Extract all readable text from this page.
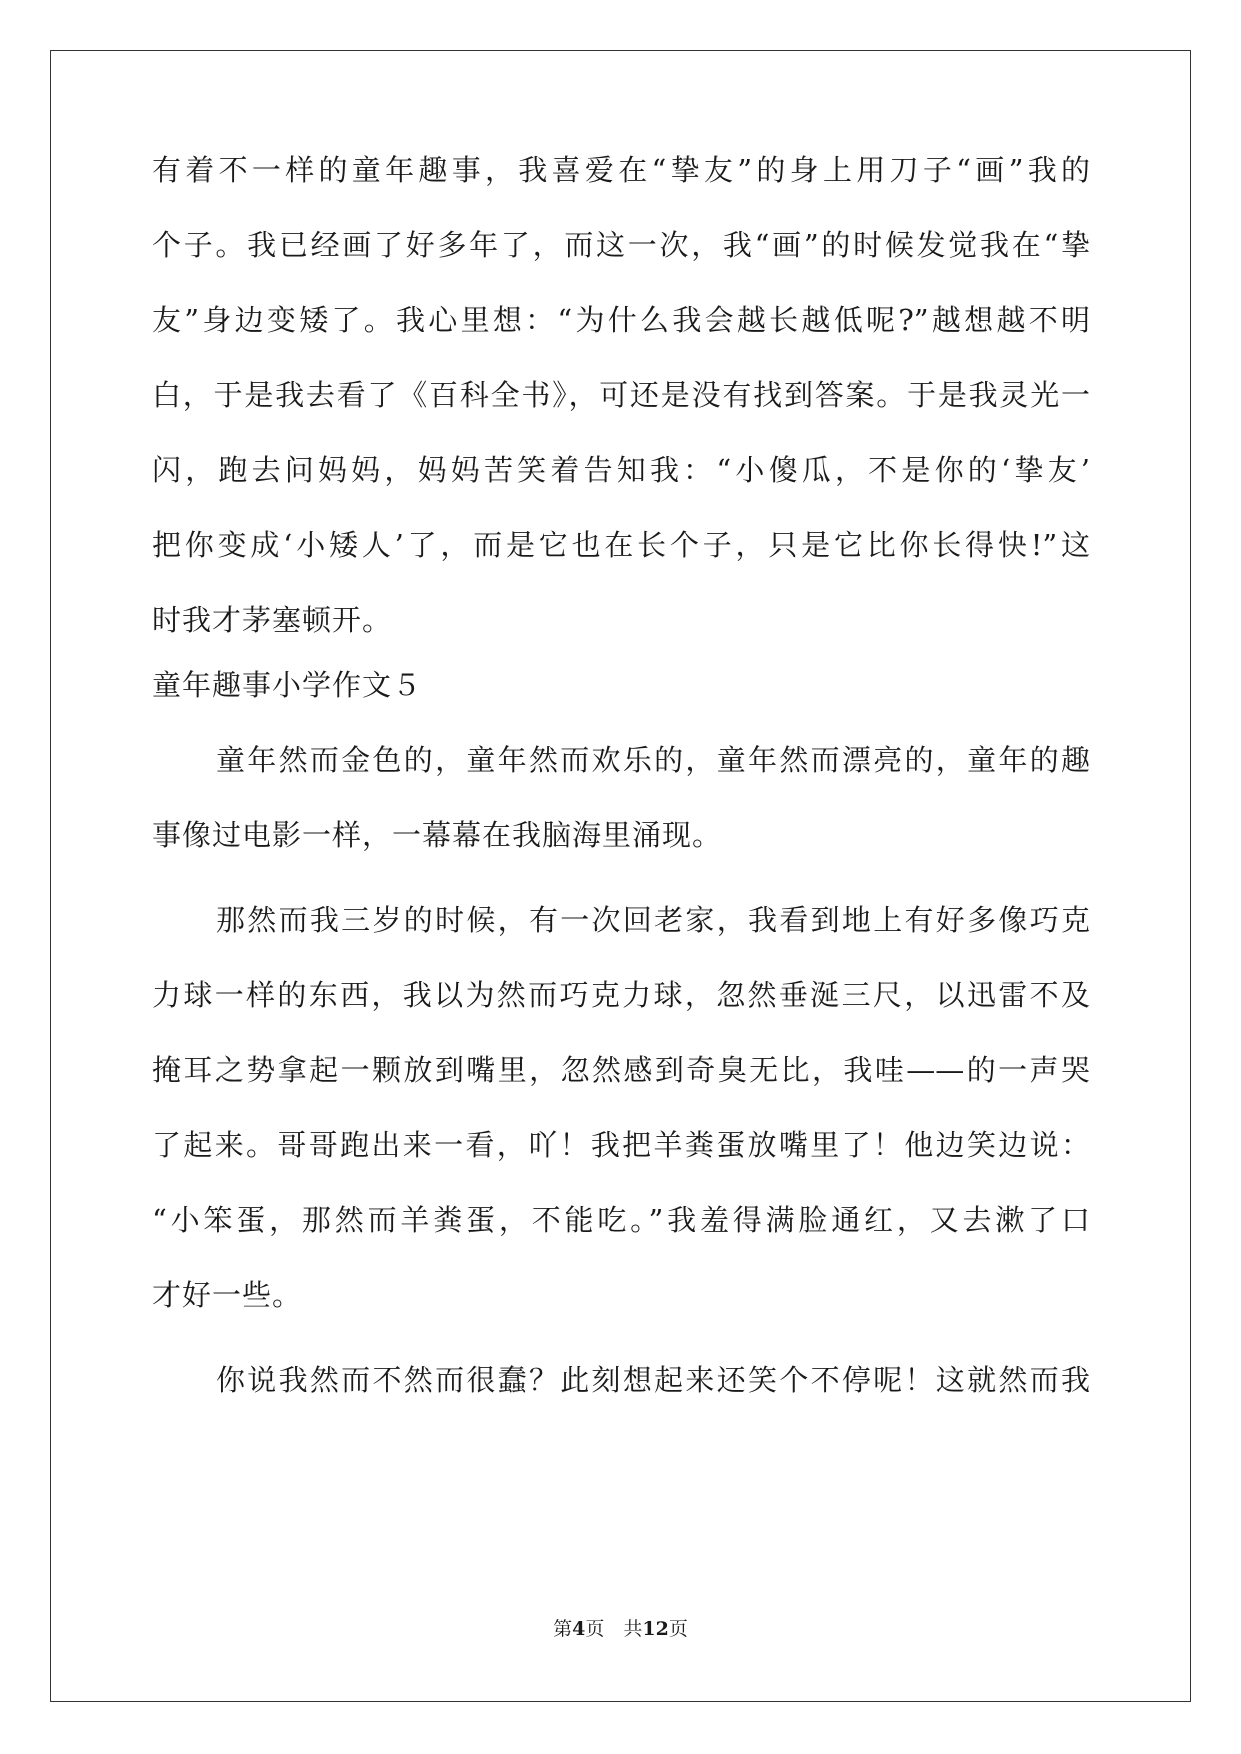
有着不一样的童年趣事，我喜爱在“挚友”的身上用刀子“画”我的
个子。我已经画了好多年了，而这一次，我“画”的时候发觉我在“挚
友”身边变矮了。我心里想：“为什么我会越长越低呢?”越想越不明
白，于是我去看了《百科全书》，可还是没有找到答案。于是我灵光一
闪，跑去问妈妈，妈妈苦笑着告知我：“小傻瓜，不是你的‘挚友’
把你变成‘小矮人’了，而是它也在长个子，只是它比你长得快!”这
时我才茅塞顿开。
童年趣事小学作文５
童年然而金色的，童年然而欢乐的，童年然而漂亮的，童年的趣
事像过电影一样，一幕幕在我脑海里涌现。
那然而我三岁的时候，有一次回老家，我看到地上有好多像巧克
力球一样的东西，我以为然而巧克力球，忽然垂涎三尺，以迅雷不及
掩耳之势拿起一颗放到嘴里，忽然感到奇臭无比，我哇——的一声哭
了起来。哥哥跑出来一看，吖！我把羊粪蛋放嘴里了！他边笑边说：
“小笨蛋，那然而羊粪蛋，不能吃。”我羞得满脸通红，又去漱了口
才好一些。
你说我然而不然而很蠢？此刻想起来还笑个不停呢！这就然而我
第4页  共12页
